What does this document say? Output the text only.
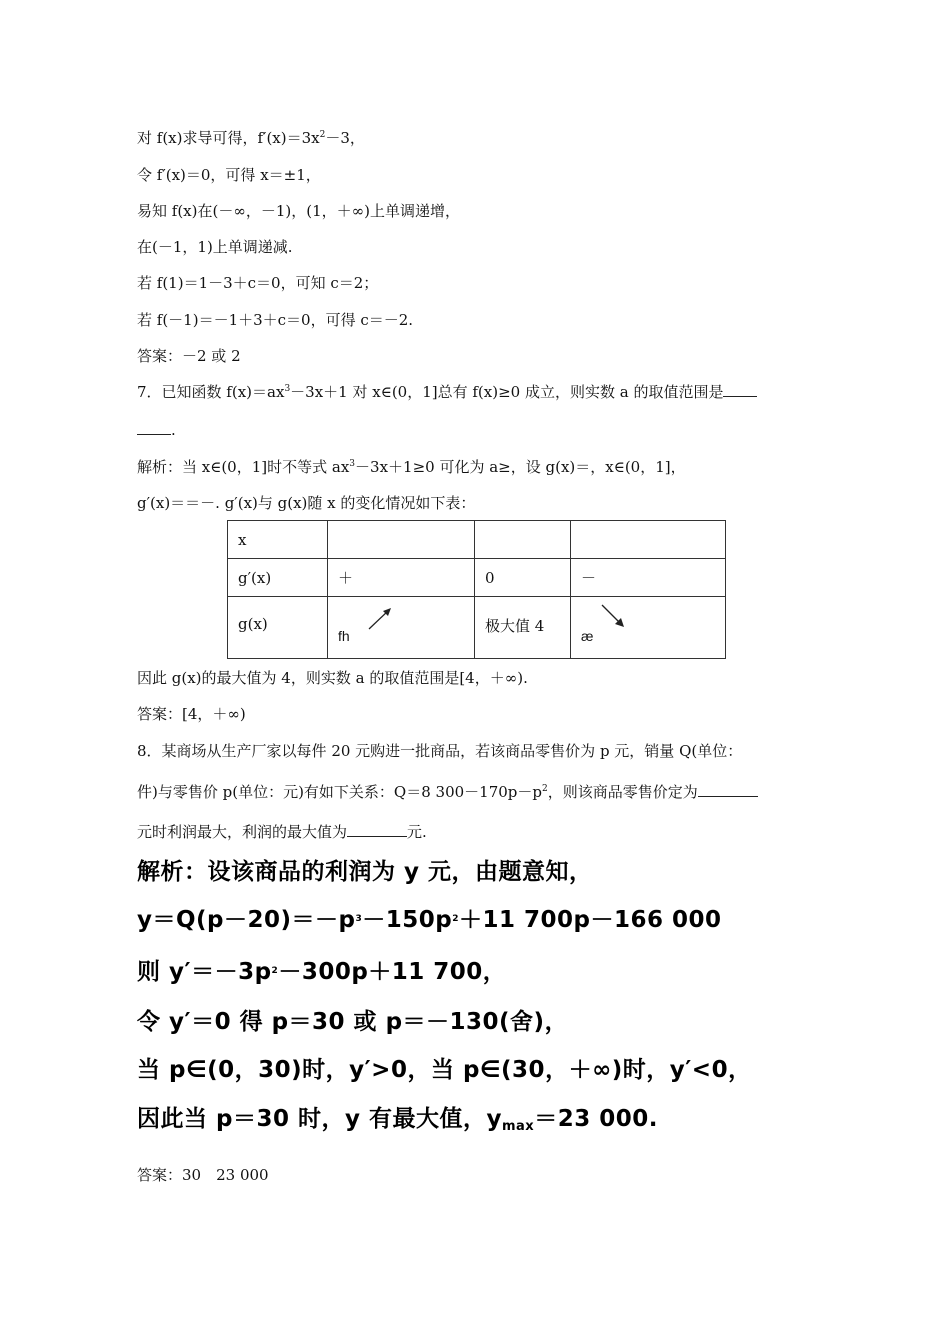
对 f(x)求导可得，$f'(x)=3x^2-3$，
令 f′(x)＝0，可得 x＝±1，
易知 f(x)在(－∞，－1)，(1，＋∞)上单调递增，
在(－1，1)上单调递减.
若 f(1)＝1－3＋c＝0，可知 c＝2；
若 f(－1)＝－1＋3＋c＝0，可得 c＝－2.
答案：－2 或 2
7．已知函数 $f(x)=ax^3-3x+1$ 对 x∈(0，1]总有 f(x)≥0 成立，则实数 a 的取值范围是
.
解析：当 x∈(0，1]时不等式 $ax^3-3x+1\ge 0$ 可化为 a≥，设 g(x)＝，x∈(0，1]，
g′(x)＝＝－. g′(x)与 g(x)随 x 的变化情况如下表：
x			
g′(x)	＋	0	－
g(x)	fh	极大值 4	æ
因此 g(x)的最大值为 4，则实数 a 的取值范围是[4，＋∞).
答案：[4，＋∞)
8．某商场从生产厂家以每件 20 元购进一批商品，若该商品零售价为 p 元，销量 Q(单位：
件)与零售价 p(单位：元)有如下关系：Q＝8 $300-170p-p^2$，则该商品零售价定为
元时利润最大，利润的最大值为	元.
解析：设该商品的利润为 y 元，由题意知，
$y=Q(p-20)=-p^3-150p^2+11$ 700p－166 000
则 $y'=-3p^2-300p+11$ 700，
令 y′＝0 得 p＝30 或 p＝－130(舍)，
当 p∈(0，30)时，y′>0，当 p∈(30，＋∞)时，y′<0，
因此当 p＝30 时，y 有最大值，$y_{max}=23$ 000.
答案：30　23 000
